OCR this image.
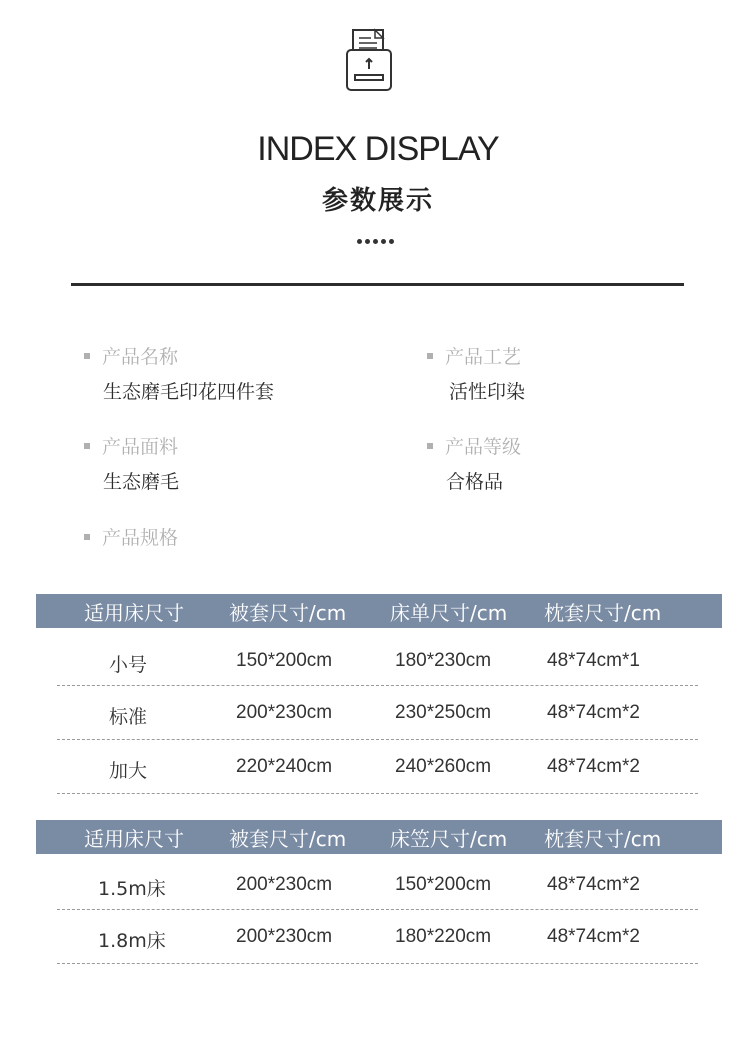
INDEX DISPLAY
参数展示
产品名称
生态磨毛印花四件套
产品工艺
活性印染
产品面料
生态磨毛
产品等级
合格品
产品规格
适用床尺寸 被套尺寸/cm 床单尺寸/cm 枕套尺寸/cm
小号	150*200cm	180*230cm	48*74cm*1
标准	200*230cm	230*250cm	48*74cm*2
加大	220*240cm	240*260cm	48*74cm*2
适用床尺寸 被套尺寸/cm 床笠尺寸/cm 枕套尺寸/cm
1.5m床	200*230cm	150*200cm	48*74cm*2
1.8m床	200*230cm	180*220cm	48*74cm*2
